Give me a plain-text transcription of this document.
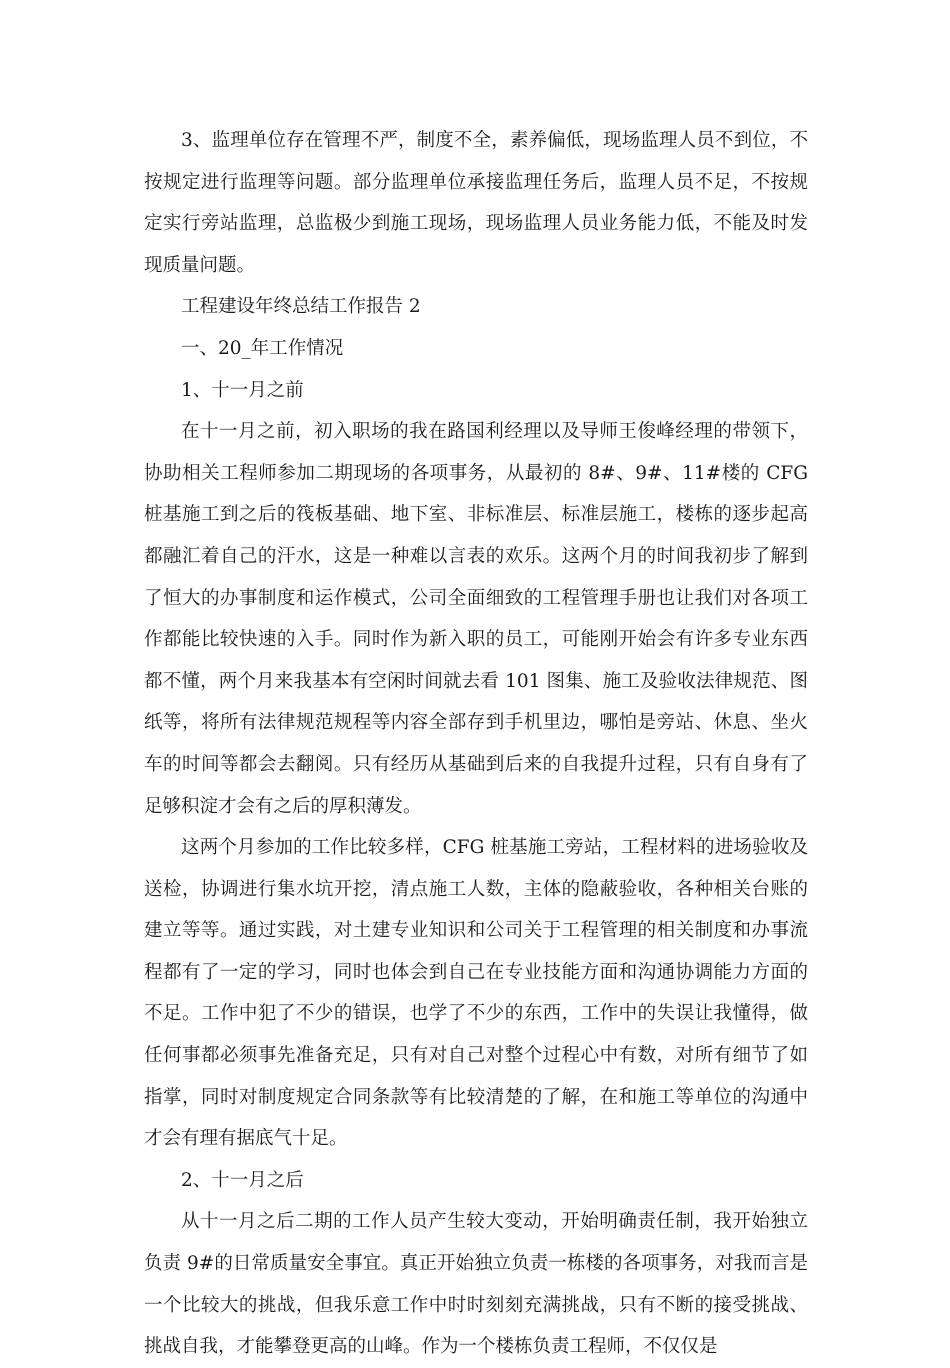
3、监理单位存在管理不严，制度不全，素养偏低，现场监理人员不到位，不按规定进行监理等问题。部分监理单位承接监理任务后，监理人员不足，不按规定实行旁站监理，总监极少到施工现场，现场监理人员业务能力低，不能及时发现质量问题。

工程建设年终总结工作报告 2

一、20_年工作情况

1、十一月之前

在十一月之前，初入职场的我在路国利经理以及导师王俊峰经理的带领下，协助相关工程师参加二期现场的各项事务，从最初的 8#、9#、11#楼的 CFG 桩基施工到之后的筏板基础、地下室、非标准层、标准层施工，楼栋的逐步起高都融汇着自己的汗水，这是一种难以言表的欢乐。这两个月的时间我初步了解到了恒大的办事制度和运作模式，公司全面细致的工程管理手册也让我们对各项工作都能比较快速的入手。同时作为新入职的员工，可能刚开始会有许多专业东西都不懂，两个月来我基本有空闲时间就去看 101 图集、施工及验收法律规范、图纸等，将所有法律规范规程等内容全部存到手机里边，哪怕是旁站、休息、坐火车的时间等都会去翻阅。只有经历从基础到后来的自我提升过程，只有自身有了足够积淀才会有之后的厚积薄发。

这两个月参加的工作比较多样，CFG 桩基施工旁站，工程材料的进场验收及送检，协调进行集水坑开挖，清点施工人数，主体的隐蔽验收，各种相关台账的建立等等。通过实践，对土建专业知识和公司关于工程管理的相关制度和办事流程都有了一定的学习，同时也体会到自己在专业技能方面和沟通协调能力方面的不足。工作中犯了不少的错误，也学了不少的东西，工作中的失误让我懂得，做任何事都必须事先准备充足，只有对自己对整个过程心中有数，对所有细节了如指掌，同时对制度规定合同条款等有比较清楚的了解，在和施工等单位的沟通中才会有理有据底气十足。

2、十一月之后

从十一月之后二期的工作人员产生较大变动，开始明确责任制，我开始独立负责 9#的日常质量安全事宜。真正开始独立负责一栋楼的各项事务，对我而言是一个比较大的挑战，但我乐意工作中时时刻刻充满挑战，只有不断的接受挑战、挑战自我，才能攀登更高的山峰。作为一个楼栋负责工程师，不仅仅是
